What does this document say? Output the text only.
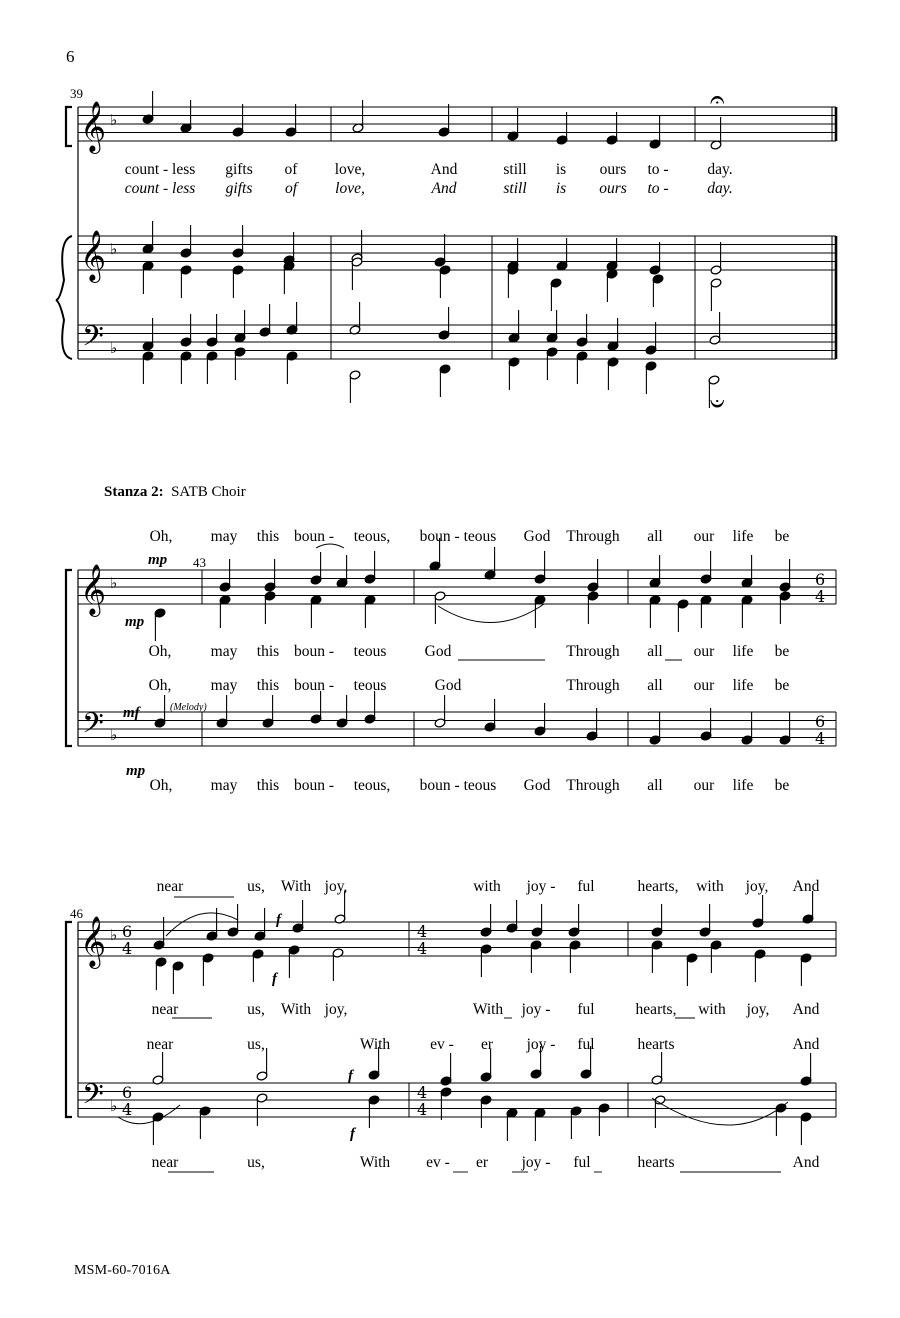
6
MSM-60-7016A
Stanza 2: SATB Choir
39
43
46
mp
mp
mf	(Melody)
mp
f
f
f
f
count - less gifts of love,	And	still is ours to -	day.
count - less gifts of love,	And	still is ours to -	day.
Oh, may this boun - teous, boun - teous God Through all our life be
Oh,	may this boun - teous God	Through all our life be
Oh,	may this boun - teous	God	Through all our life be
Oh, may this boun - teous, boun - teous God Through all our life be
near	us, With joy,	with joy - ful	hearts, with joy, And
near	us, With joy,	With joy - ful	hearts, with joy, And
near	us,	With	ev - er joy - ful	hearts	And
near	us,	With ev - er joy - ful	hearts	And
𝄞
𝄞
𝄢
♭
♭
♭
𝄐
𝄑
𝄞
𝄢
♭
♭
6
4
6
4
𝄞
𝄢
♭
♭
6
4
6
4
4
4
4
4
